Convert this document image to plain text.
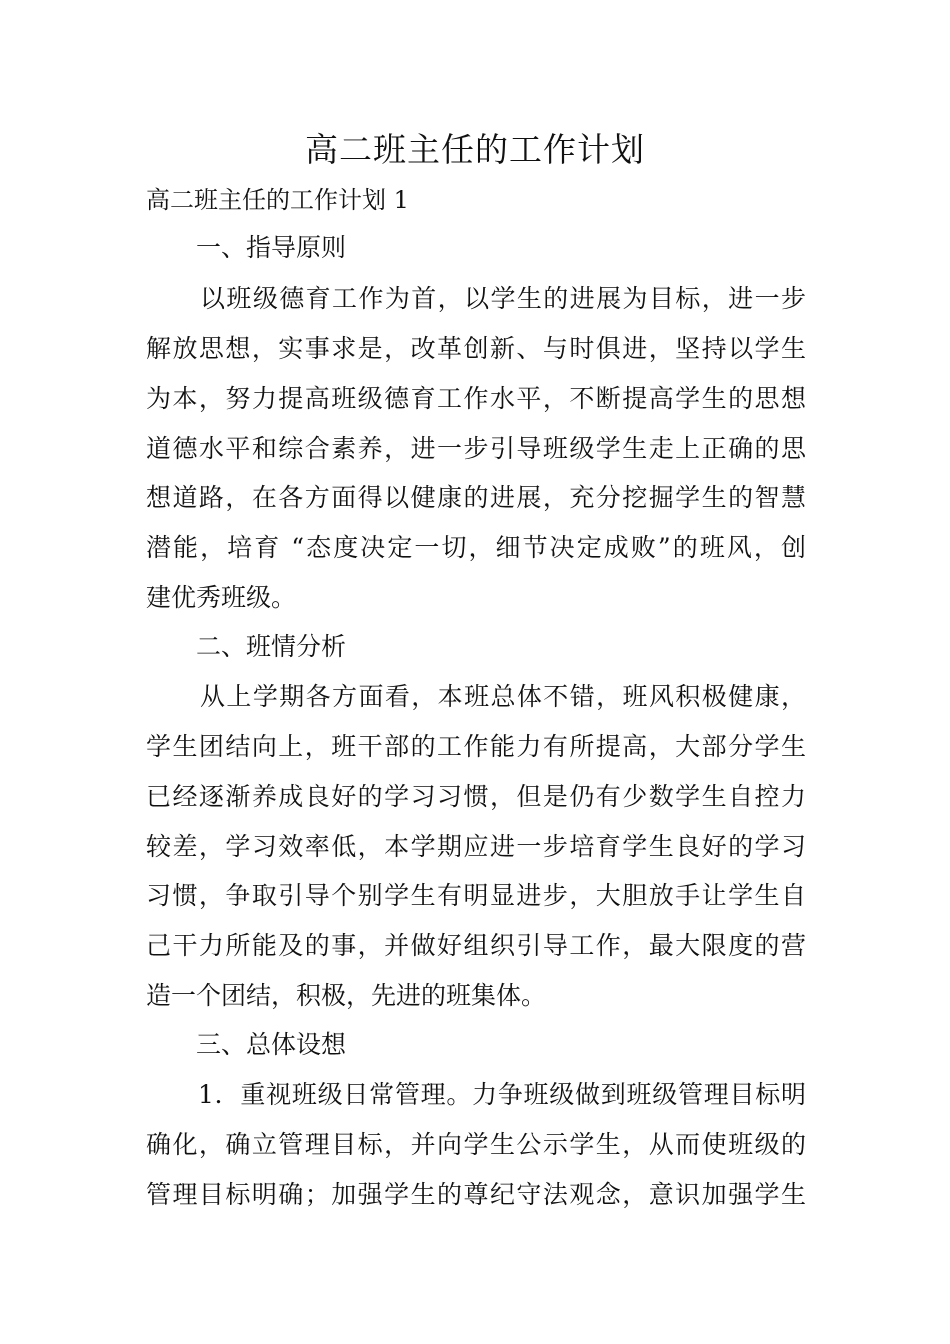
高二班主任的工作计划
高二班主任的工作计划 1
一、指导原则
以班级德育工作为首，以学生的进展为目标，进一步
解放思想，实事求是，改革创新、与时俱进，坚持以学生
为本，努力提高班级德育工作水平，不断提高学生的思想
道德水平和综合素养，进一步引导班级学生走上正确的思
想道路，在各方面得以健康的进展，充分挖掘学生的智慧
潜能，培育 “态度决定一切，细节决定成败”的班风，创
建优秀班级。
二、班情分析
从上学期各方面看，本班总体不错，班风积极健康，
学生团结向上，班干部的工作能力有所提高，大部分学生
已经逐渐养成良好的学习习惯，但是仍有少数学生自控力
较差，学习效率低，本学期应进一步培育学生良好的学习
习惯，争取引导个别学生有明显进步，大胆放手让学生自
己干力所能及的事，并做好组织引导工作，最大限度的营
造一个团结，积极，先进的班集体。
三、总体设想
1．重视班级日常管理。力争班级做到班级管理目标明
确化，确立管理目标，并向学生公示学生，从而使班级的
管理目标明确；加强学生的尊纪守法观念，意识加强学生
